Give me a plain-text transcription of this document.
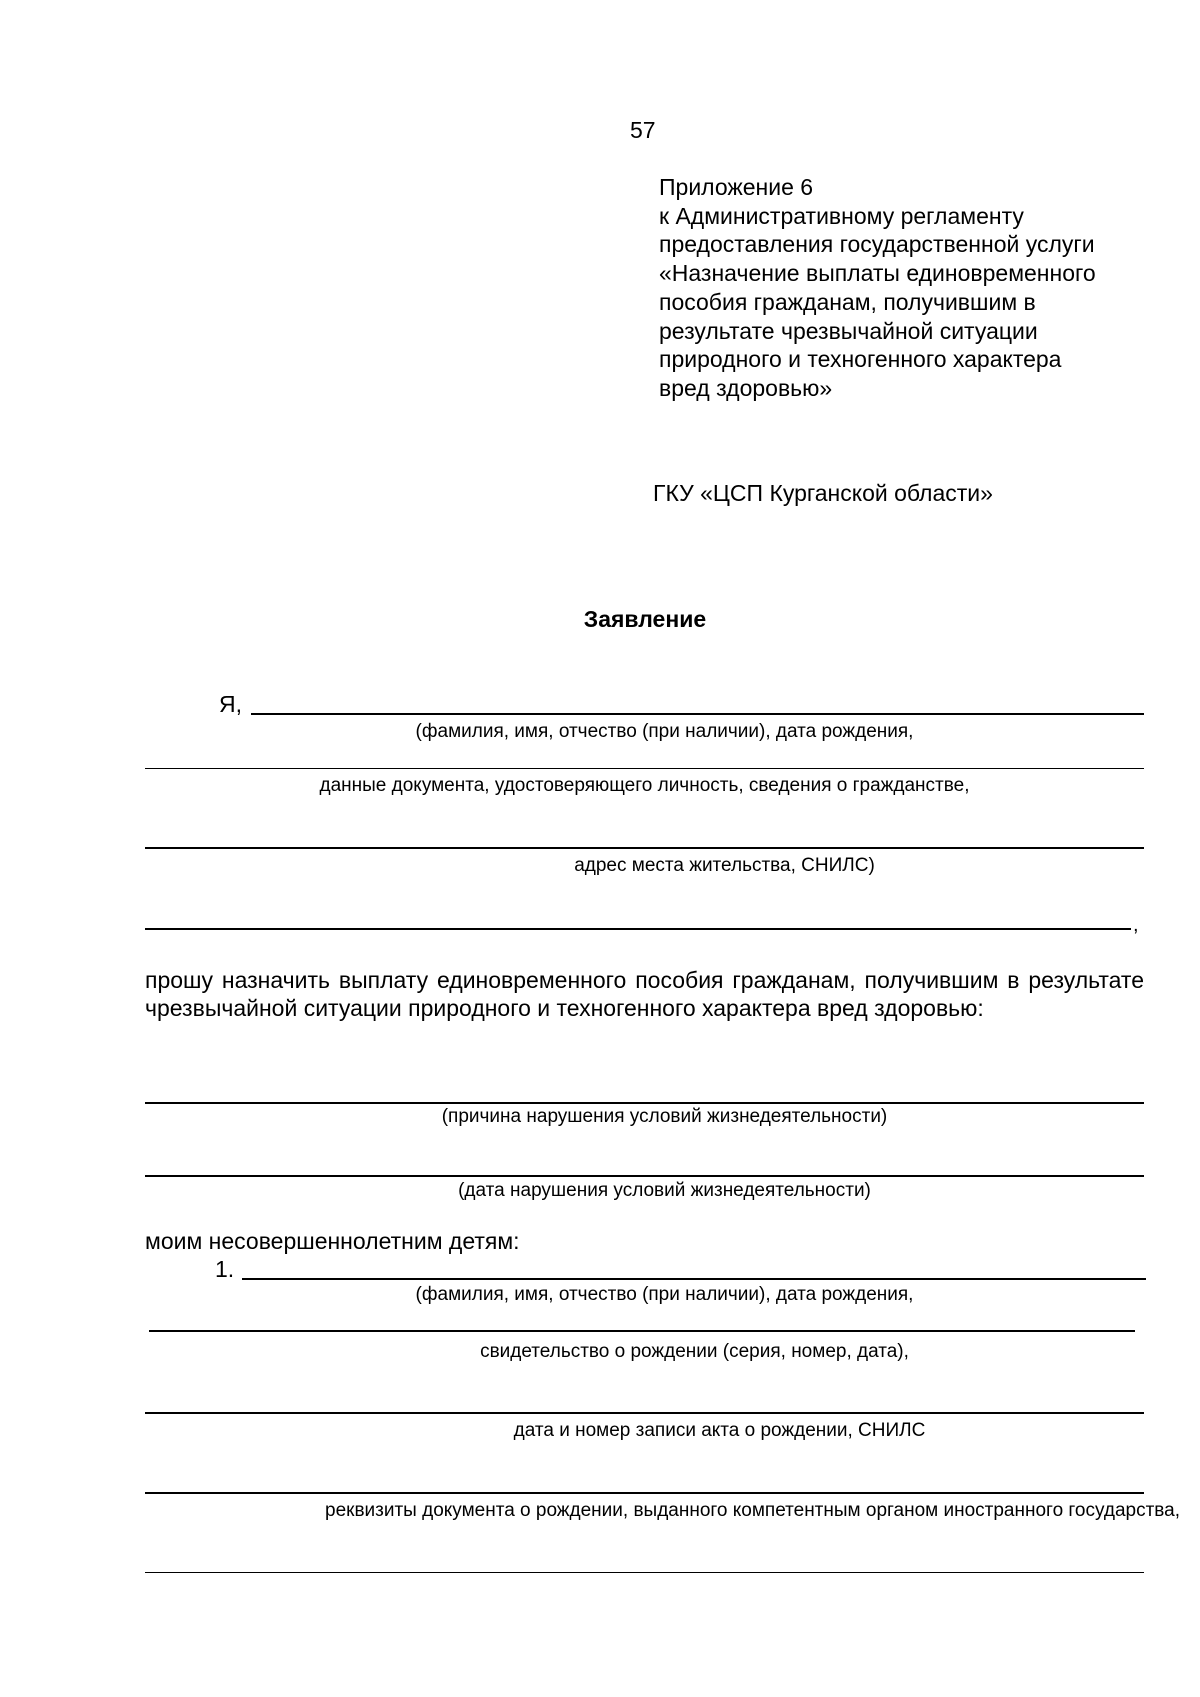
57
Приложение 6
к Административному регламенту
предоставления государственной услуги
«Назначение выплаты единовременного
пособия гражданам, получившим в
результате чрезвычайной ситуации
природного и техногенного характера
вред здоровью»
ГКУ «ЦСП Курганской области»
Заявление
Я,
(фамилия, имя, отчество (при наличии), дата рождения,
данные документа, удостоверяющего личность, сведения о гражданстве,
адрес места жительства, СНИЛС)
,
прошу назначить выплату единовременного пособия гражданам, получившим в результате чрезвычайной ситуации природного и техногенного характера вред здоровью:
(причина нарушения условий жизнедеятельности)
(дата нарушения условий жизнедеятельности)
моим несовершеннолетним детям:
1.
(фамилия, имя, отчество (при наличии), дата рождения,
свидетельство о рождении (серия, номер, дата),
дата и номер записи акта о рождении, СНИЛС
реквизиты документа о рождении, выданного компетентным органом иностранного государства,
